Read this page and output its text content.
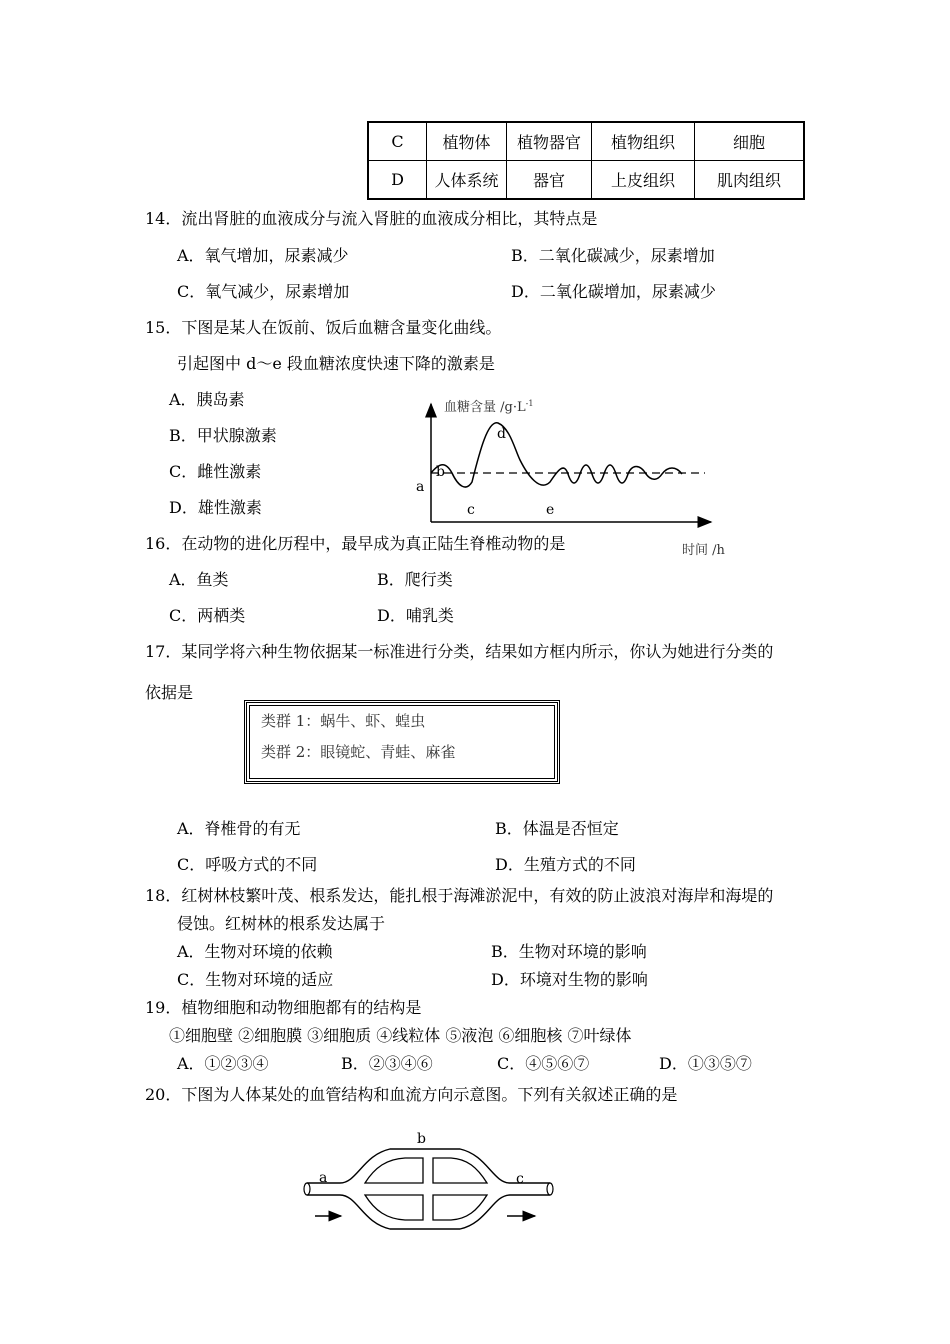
C	植物体	植物器官	植物组织	细胞
D	人体系统	器官	上皮组织	肌肉组织
14．流出肾脏的血液成分与流入肾脏的血液成分相比，其特点是
A．氧气增加，尿素减少	B．二氧化碳减少，尿素增加
C．氧气减少，尿素增加	D．二氧化碳增加，尿素减少
15．下图是某人在饭前、饭后血糖含量变化曲线。
引起图中 d～e 段血糖浓度快速下降的激素是
A．胰岛素
B．甲状腺激素
C．雌性激素
D．雄性激素
血糖含量 $/g\cdot L^{-1}$
时间 /h
a
b
c
d
e
16．在动物的进化历程中，最早成为真正陆生脊椎动物的是
A．鱼类	B．爬行类
C．两栖类	D．哺乳类
17．某同学将六种生物依据某一标准进行分类，结果如方框内所示，你认为她进行分类的
依据是
类群 1：蜗牛、虾、蝗虫
类群 2：眼镜蛇、青蛙、麻雀
A．脊椎骨的有无	B．体温是否恒定
C．呼吸方式的不同	D．生殖方式的不同
18．红树林枝繁叶茂、根系发达，能扎根于海滩淤泥中，有效的防止波浪对海岸和海堤的
侵蚀。红树林的根系发达属于
A．生物对环境的依赖	B．生物对环境的影响
C．生物对环境的适应	D．环境对生物的影响
19．植物细胞和动物细胞都有的结构是
①细胞壁 ②细胞膜 ③细胞质 ④线粒体 ⑤液泡 ⑥细胞核 ⑦叶绿体
A．①②③④	B．②③④⑥	C．④⑤⑥⑦	D．①③⑤⑦
20．下图为人体某处的血管结构和血流方向示意图。下列有关叙述正确的是
a
b
c
